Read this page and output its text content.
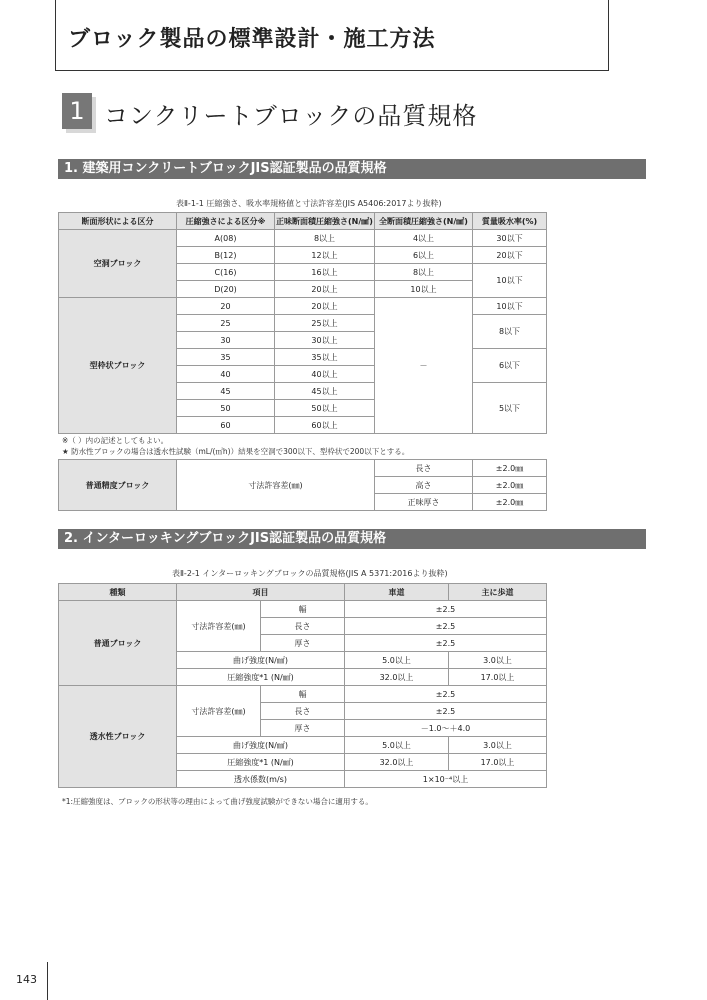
ブロック製品の標準設計・施工方法
1 コンクリートブロックの品質規格
1. 建築用コンクリートブロックJIS認証製品の品質規格
表Ⅱ-1-1 圧縮強さ、吸水率規格値と寸法許容差(JIS A5406:2017より抜粋)
断面形状による区分	圧縮強さによる区分※	正味断面積圧縮強さ(N/㎟)	全断面積圧縮強さ(N/㎟)	質量吸水率(%)
空洞ブロック	A(08)	8以上	4以上	30以下
	B(12)	12以上	6以上	20以下
	C(16)	16以上	8以上	10以下
	D(20)	20以上	10以上	
型枠状ブロック	20	20以上	－	10以下
	25	25以上		8以下
	30	30以上		
	35	35以上		6以下
	40	40以上		
	45	45以上		5以下
	50	50以上		
	60	60以上		
※（ ）内の記述としてもよい。
★ 防水性ブロックの場合は透水性試験（mL/(㎡h)）結果を空洞で300以下、型枠状で200以下とする。
普通精度ブロック	寸法許容差(㎜)	長さ	±2.0㎜
		高さ	±2.0㎜
		正味厚さ	±2.0㎜
2. インターロッキングブロックJIS認証製品の品質規格
表Ⅱ-2-1 インターロッキングブロックの品質規格(JIS A 5371:2016より抜粋)
種類	項目		車道	主に歩道
普通ブロック	寸法許容差(㎜)	幅	±2.5	
		長さ	±2.5	
		厚さ	±2.5	
	曲げ強度(N/㎟)		5.0以上	3.0以上
	圧縮強度*1 (N/㎟)		32.0以上	17.0以上
透水性ブロック	寸法許容差(㎜)	幅	±2.5	
		長さ	±2.5	
		厚さ	－1.0～＋4.0	
	曲げ強度(N/㎟)		5.0以上	3.0以上
	圧縮強度*1 (N/㎟)		32.0以上	17.0以上
	透水係数(m/s)		1×10⁻⁴以上	
*1:圧縮強度は、ブロックの形状等の理由によって曲げ強度試験ができない場合に適用する。
143
